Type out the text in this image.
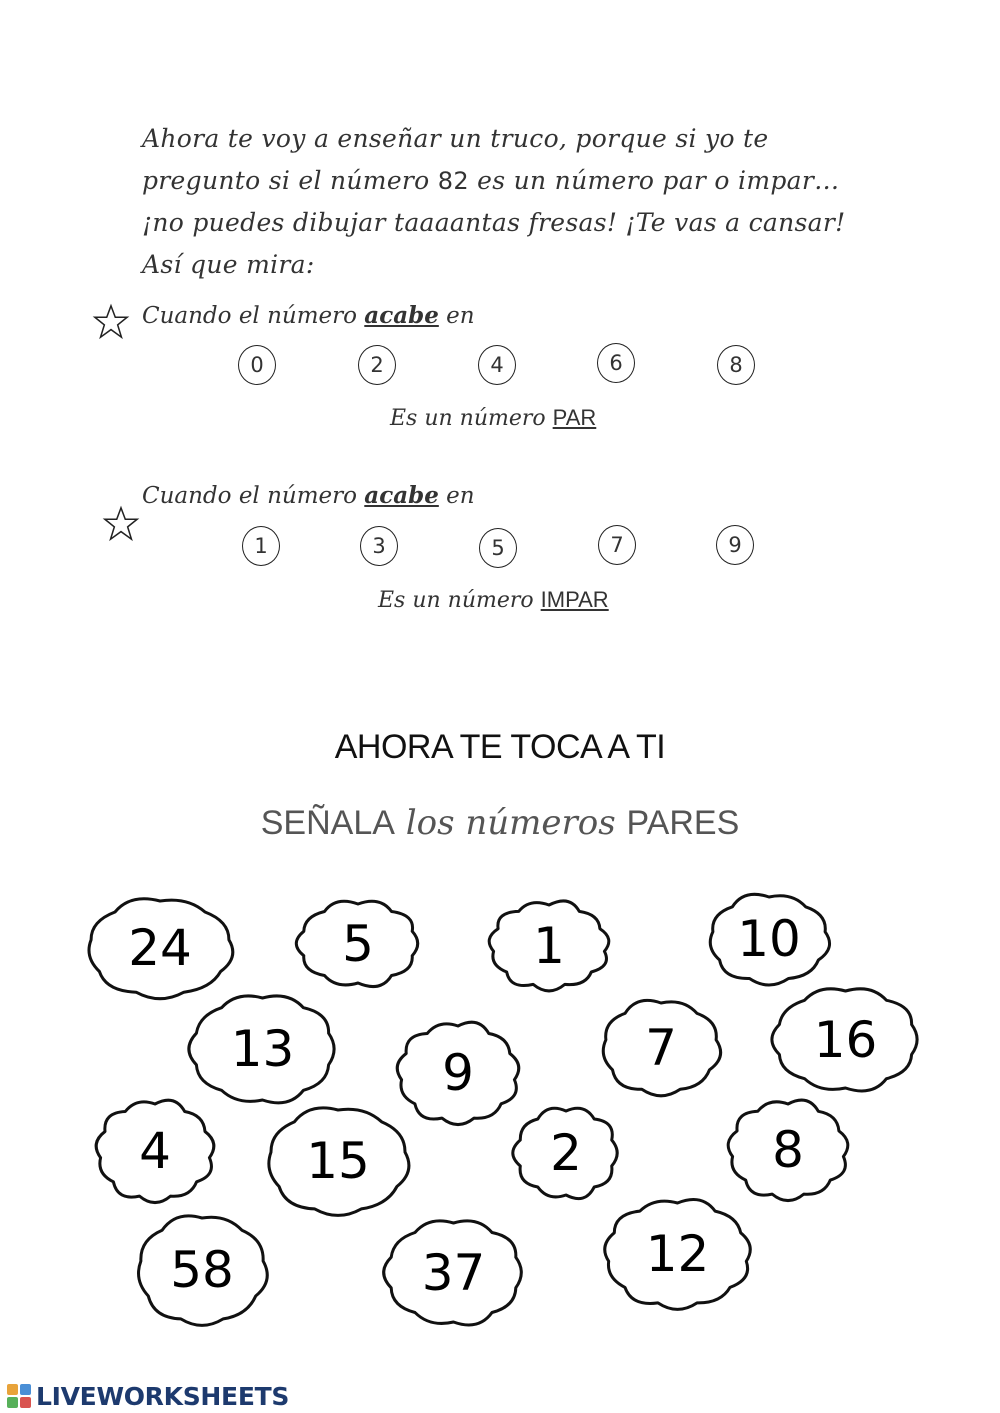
Ahora te voy a enseñar un truco, porque si yo te

pregunto si el número 82 es un número par o impar…

¡no puedes dibujar taaaantas fresas! ¡Te vas a cansar!

Así que mira:

Cuando el número acabe en
0	2	4	6	8
Es un número PAR
Cuando el número acabe en
1	3	5	7	9
Es un número IMPAR
AHORA TE TOCA A TI
SEÑALA los números PARES
24	5	1	10
13	9	7	16
4	15	2	8
58	37	12
LIVEWORKSHEETS
